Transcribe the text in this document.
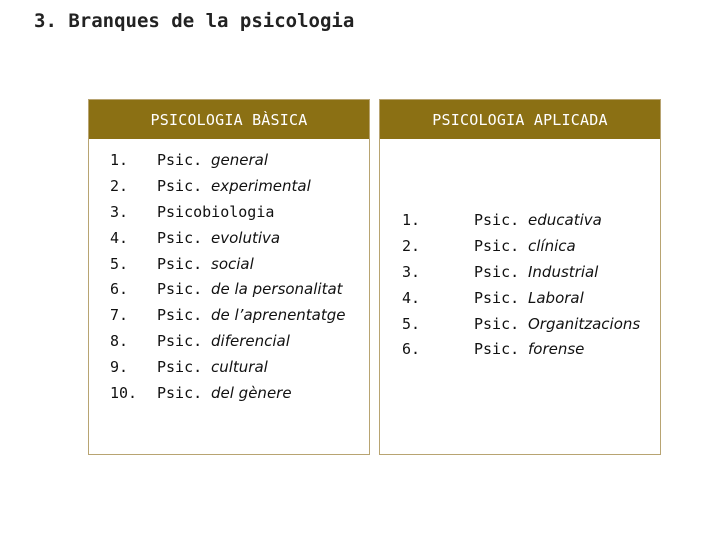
3. Branques de la psicologia
PSICOLOGIA BÀSICA
1.	Psic. general
2.	Psic. experimental
3.	Psicobiologia
4.	Psic. evolutiva
5.	Psic. social
6.	Psic. de la personalitat
7.	Psic. de l’aprenentatge
8.	Psic. diferencial
9.	Psic. cultural
10.	Psic. del gènere
PSICOLOGIA APLICADA
1.	Psic. educativa
2.	Psic. clínica
3.	Psic. Industrial
4.	Psic. Laboral
5.	Psic. Organitzacions
6.	Psic. forense
